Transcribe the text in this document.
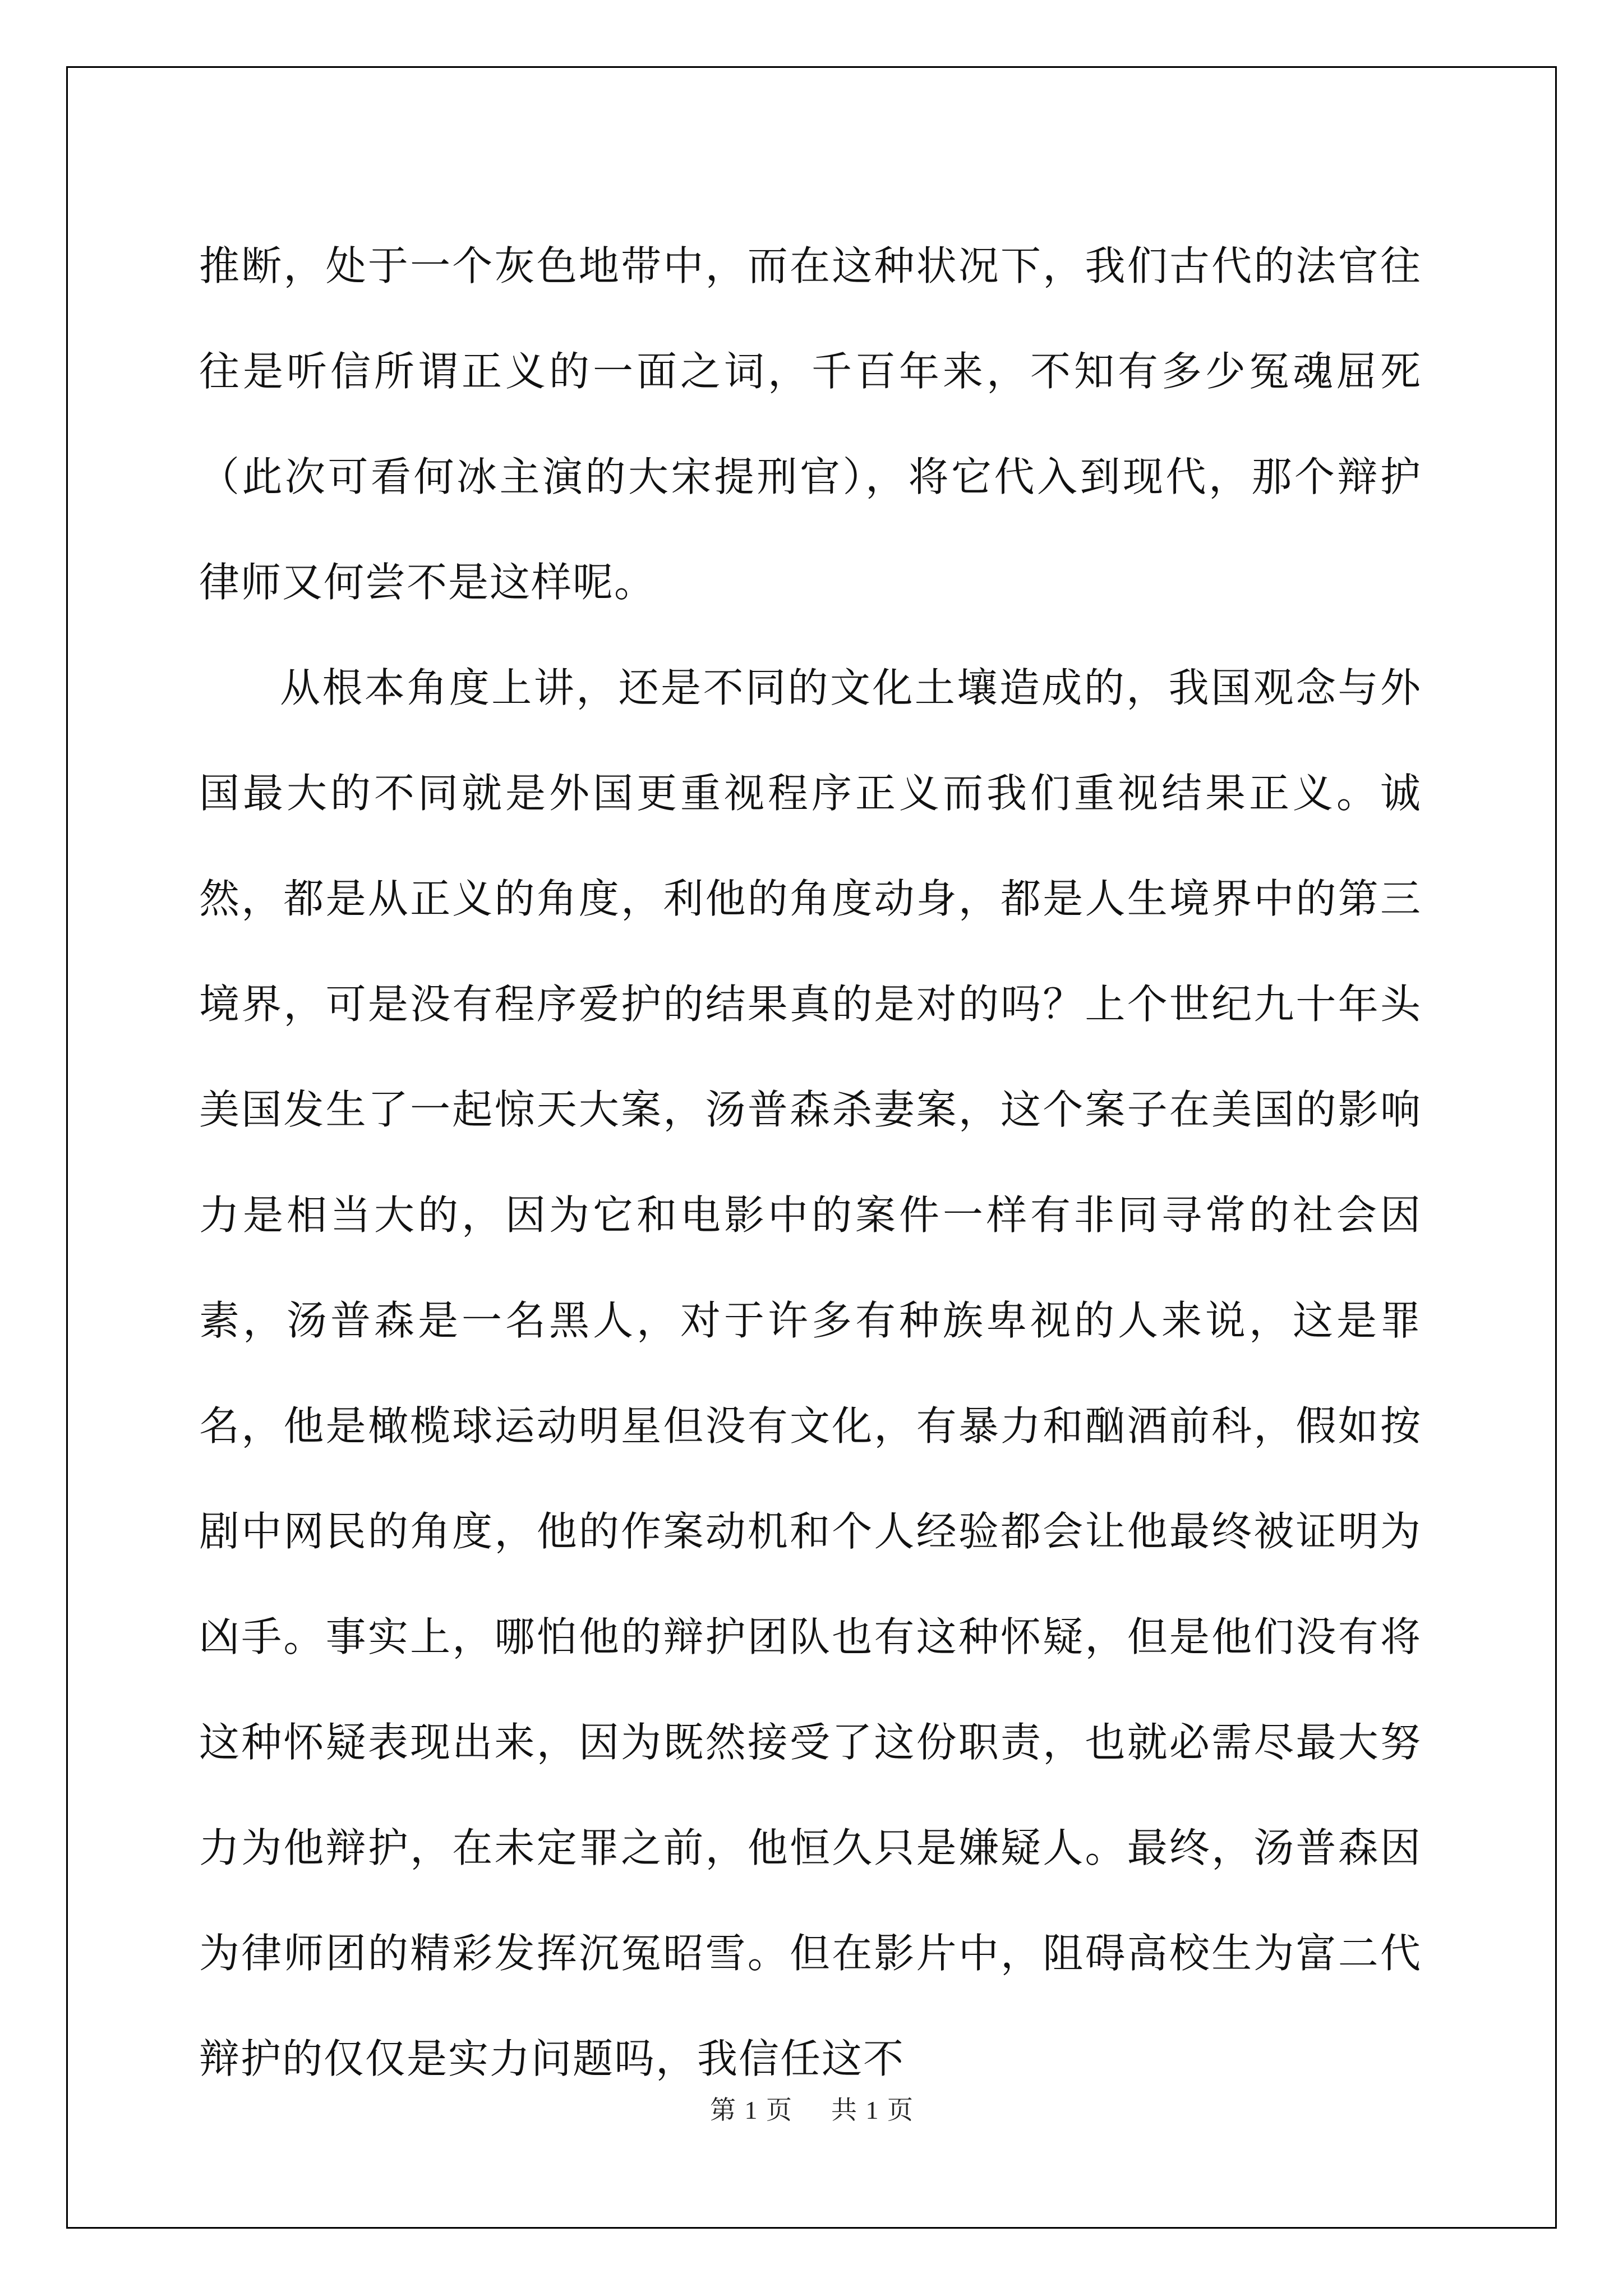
推断，处于一个灰色地带中，而在这种状况下，我们古代的法官往往是听信所谓正义的一面之词，千百年来，不知有多少冤魂屈死（此次可看何冰主演的大宋提刑官），将它代入到现代，那个辩护律师又何尝不是这样呢。

从根本角度上讲，还是不同的文化土壤造成的，我国观念与外国最大的不同就是外国更重视程序正义而我们重视结果正义。诚然，都是从正义的角度，利他的角度动身，都是人生境界中的第三境界，可是没有程序爱护的结果真的是对的吗？上个世纪九十年头美国发生了一起惊天大案，汤普森杀妻案，这个案子在美国的影响力是相当大的，因为它和电影中的案件一样有非同寻常的社会因素，汤普森是一名黑人，对于许多有种族卑视的人来说，这是罪名，他是橄榄球运动明星但没有文化，有暴力和酗酒前科，假如按剧中网民的角度，他的作案动机和个人经验都会让他最终被证明为凶手。事实上，哪怕他的辩护团队也有这种怀疑，但是他们没有将这种怀疑表现出来，因为既然接受了这份职责，也就必需尽最大努力为他辩护，在未定罪之前，他恒久只是嫌疑人。最终，汤普森因为律师团的精彩发挥沉冤昭雪。但在影片中，阻碍高校生为富二代辩护的仅仅是实力问题吗，我信任这不

第 1 页 共 1 页
